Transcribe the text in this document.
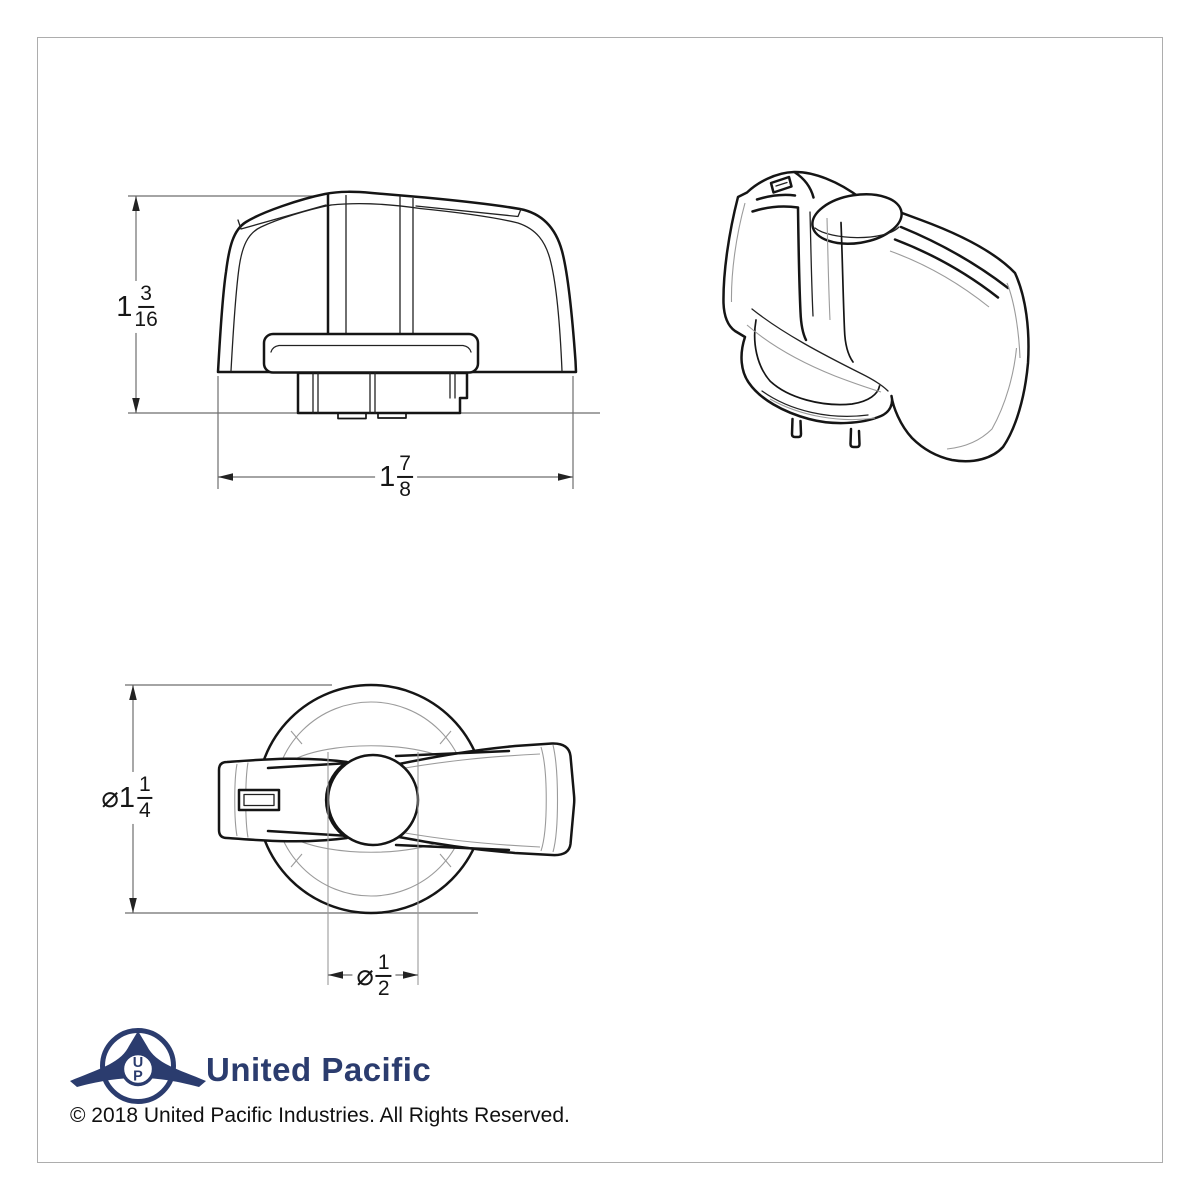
$1 \frac{3}{16}$
$1 \frac{7}{8}$
⌀ $1 \frac{1}{4}$
⌀ $\frac{1}{2}$
U
P United Pacific
© 2018 United Pacific Industries. All Rights Reserved.
